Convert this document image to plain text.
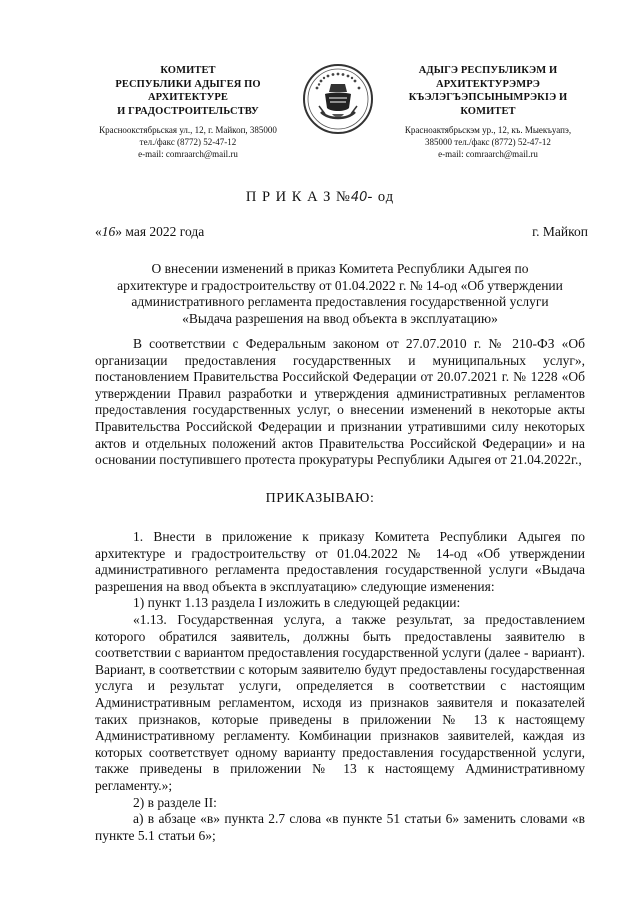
КОМИТЕТ
РЕСПУБЛИКИ АДЫГЕЯ ПО
АРХИТЕКТУРЕ
И ГРАДОСТРОИТЕЛЬСТВУ
Красноокстябрьская ул., 12, г. Майкоп, 385000
тел./факс (8772) 52-47-12
e-mail: comraarch@mail.ru
АДЫГЭ РЕСПУБЛИКЭМ И
АРХИТЕКТУРЭМРЭ
КЪЭЛЭГЪЭПСЫНЫМРЭКІЭ И
КОМИТЕТ
Красноактябрьскэм ур., 12, къ. Мыекъуапэ,
385000 тел./факс (8772) 52-47-12
e-mail: comraarch@mail.ru
П Р И К А З №40- од
«16» мая 2022 года	г. Майкоп
О внесении изменений в приказ Комитета Республики Адыгея по
архитектуре и градостроительству от 01.04.2022 г. № 14-од «Об утверждении
административного регламента предоставления государственной услуги
«Выдача разрешения на ввод объекта в эксплуатацию»
В соответствии с Федеральным законом от 27.07.2010 г. № 210-ФЗ «Об организации предоставления государственных и муниципальных услуг», постановлением Правительства Российской Федерации от 20.07.2021 г. № 1228 «Об утверждении Правил разработки и утверждения административных регламентов предоставления государственных услуг, о внесении изменений в некоторые акты Правительства Российской Федерации и признании утратившими силу некоторых актов и отдельных положений актов Правительства Российской Федерации» и на основании поступившего протеста прокуратуры Республики Адыгея от 21.04.2022г.,
ПРИКАЗЫВАЮ:

1. Внести в приложение к приказу Комитета Республики Адыгея по архитектуре и градостроительству от 01.04.2022 № 14-од «Об утверждении административного регламента предоставления государственной услуги «Выдача разрешения на ввод объекта в эксплуатацию» следующие изменения:

1) пункт 1.13 раздела I изложить в следующей редакции:

«1.13. Государственная услуга, а также результат, за предоставлением которого обратился заявитель, должны быть предоставлены заявителю в соответствии с вариантом предоставления государственной услуги (далее - вариант). Вариант, в соответствии с которым заявителю будут предоставлены государственная услуга и результат услуги, определяется в соответствии с настоящим Административным регламентом, исходя из признаков заявителя и показателей таких признаков, которые приведены в приложении № 13 к настоящему Административному регламенту. Комбинации признаков заявителей, каждая из которых соответствует одному варианту предоставления государственной услуги, также приведены в приложении № 13 к настоящему Административному регламенту.»;

2) в разделе II:

а) в абзаце «в» пункта 2.7 слова «в пункте 51 статьи 6» заменить словами «в пункте 5.1 статьи 6»;
